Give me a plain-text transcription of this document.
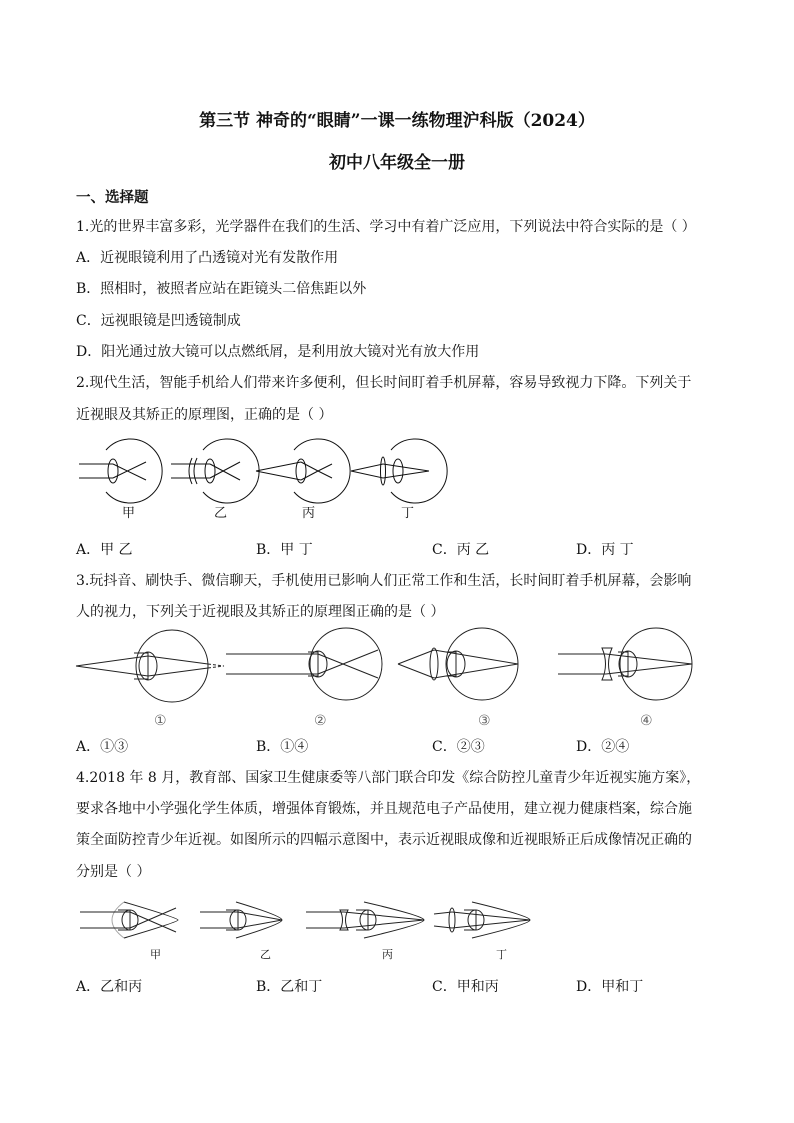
第三节 神奇的“眼睛”一课一练物理沪科版（2024）
初中八年级全一册
一、选择题
1.光的世界丰富多彩，光学器件在我们的生活、学习中有着广泛应用，下列说法中符合实际的是（ ）
A．近视眼镜利用了凸透镜对光有发散作用
B．照相时，被照者应站在距镜头二倍焦距以外
C．远视眼镜是凹透镜制成
D．阳光通过放大镜可以点燃纸屑，是利用放大镜对光有放大作用
2.现代生活，智能手机给人们带来许多便利，但长时间盯着手机屏幕，容易导致视力下降。下列关于
近视眼及其矫正的原理图，正确的是（ ）
甲	乙	丙	丁
A．甲 乙	B．甲 丁	C．丙 乙	D．丙 丁
3.玩抖音、刷快手、微信聊天，手机使用已影响人们正常工作和生活，长时间盯着手机屏幕，会影响
人的视力，下列关于近视眼及其矫正的原理图正确的是（ ）
①	②	③	④
A．①③	B．①④	C．②③	D．②④
4.2018 年 8 月，教育部、国家卫生健康委等八部门联合印发《综合防控儿童青少年近视实施方案》，
要求各地中小学强化学生体质，增强体育锻炼，并且规范电子产品使用，建立视力健康档案，综合施
策全面防控青少年近视。如图所示的四幅示意图中，表示近视眼成像和近视眼矫正后成像情况正确的
分别是（ ）
甲	乙	丙	丁
A．乙和丙	B．乙和丁	C．甲和丙	D．甲和丁
